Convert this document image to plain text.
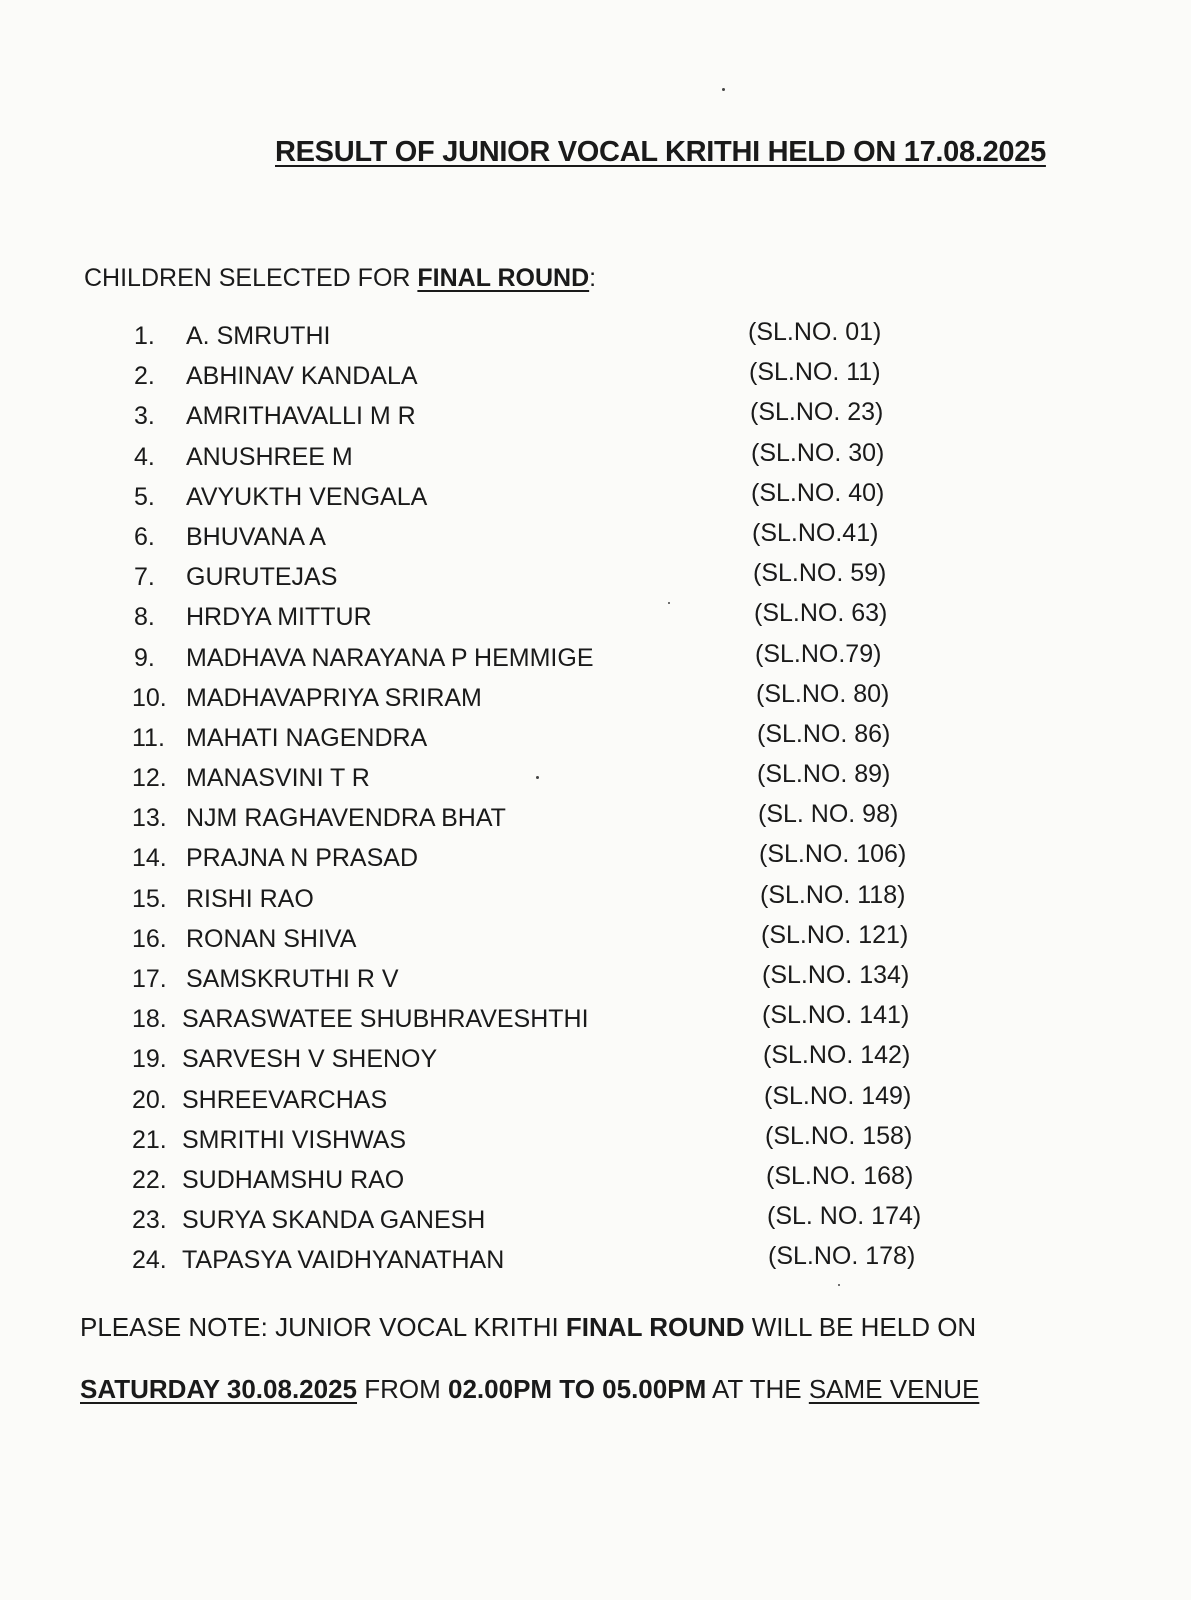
RESULT OF JUNIOR VOCAL KRITHI HELD ON 17.08.2025
CHILDREN SELECTED FOR FINAL ROUND:
1. A. SMRUTHI	(SL.NO. 01)
2. ABHINAV KANDALA	(SL.NO. 11)
3. AMRITHAVALLI M R	(SL.NO. 23)
4. ANUSHREE M	(SL.NO. 30)
5. AVYUKTH VENGALA	(SL.NO. 40)
6. BHUVANA A	(SL.NO.41)
7. GURUTEJAS	(SL.NO. 59)
8. HRDYA MITTUR	(SL.NO. 63)
9. MADHAVA NARAYANA P HEMMIGE	(SL.NO.79)
10. MADHAVAPRIYA SRIRAM	(SL.NO. 80)
11. MAHATI NAGENDRA	(SL.NO. 86)
12. MANASVINI T R	(SL.NO. 89)
13. NJM RAGHAVENDRA BHAT	(SL. NO. 98)
14. PRAJNA N PRASAD	(SL.NO. 106)
15. RISHI RAO	(SL.NO. 118)
16. RONAN SHIVA	(SL.NO. 121)
17. SAMSKRUTHI R V	(SL.NO. 134)
18. SARASWATEE SHUBHRAVESHTHI	(SL.NO. 141)
19. SARVESH V SHENOY	(SL.NO. 142)
20. SHREEVARCHAS	(SL.NO. 149)
21. SMRITHI VISHWAS	(SL.NO. 158)
22. SUDHAMSHU RAO	(SL.NO. 168)
23. SURYA SKANDA GANESH	(SL. NO. 174)
24. TAPASYA VAIDHYANATHAN	(SL.NO. 178)
PLEASE NOTE: JUNIOR VOCAL KRITHI FINAL ROUND WILL BE HELD ON
SATURDAY 30.08.2025 FROM 02.00PM TO 05.00PM AT THE SAME VENUE
